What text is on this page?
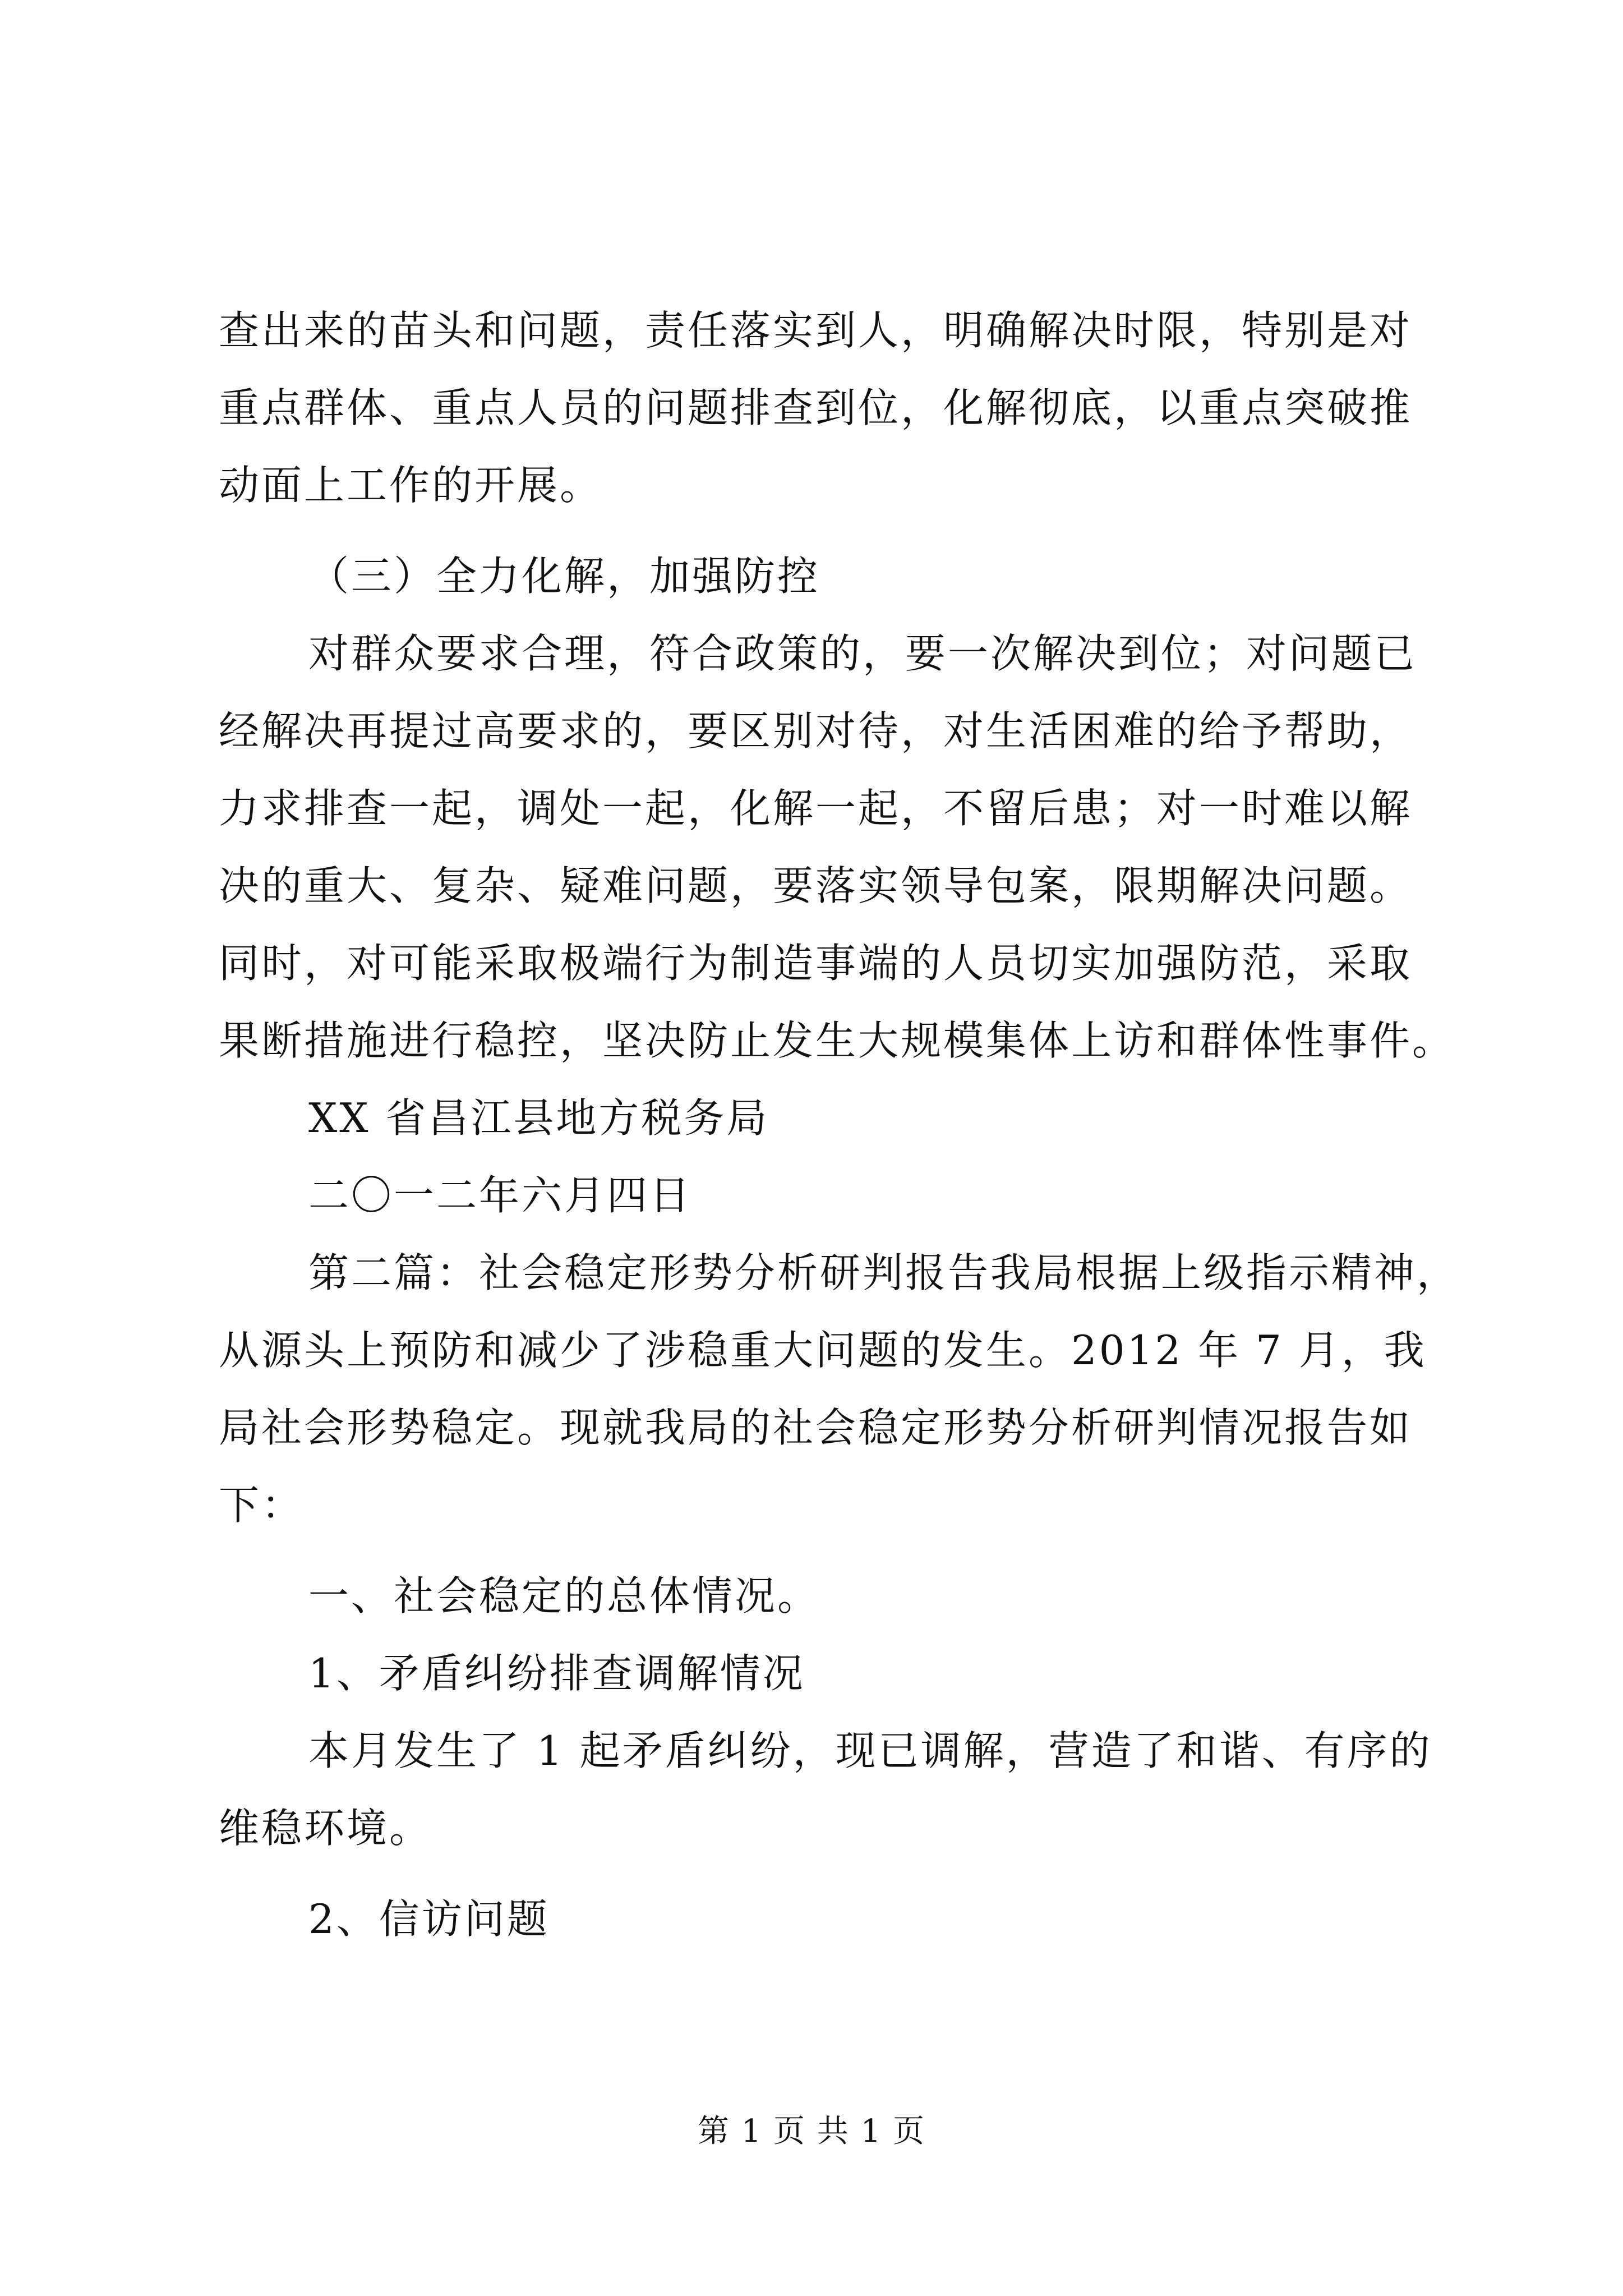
查出来的苗头和问题，责任落实到人，明确解决时限，特别是对
重点群体、重点人员的问题排查到位，化解彻底，以重点突破推
动面上工作的开展。
（三）全力化解，加强防控
对群众要求合理，符合政策的，要一次解决到位；对问题已
经解决再提过高要求的，要区别对待，对生活困难的给予帮助，
力求排查一起，调处一起，化解一起，不留后患；对一时难以解
决的重大、复杂、疑难问题，要落实领导包案，限期解决问题。
同时，对可能采取极端行为制造事端的人员切实加强防范，采取
果断措施进行稳控，坚决防止发生大规模集体上访和群体性事件。
XX 省昌江县地方税务局
二〇一二年六月四日
第二篇：社会稳定形势分析研判报告我局根据上级指示精神，
从源头上预防和减少了涉稳重大问题的发生。2012 年 7 月，我
局社会形势稳定。现就我局的社会稳定形势分析研判情况报告如
下：
一、社会稳定的总体情况。
1、矛盾纠纷排查调解情况
本月发生了 1 起矛盾纠纷，现已调解，营造了和谐、有序的
维稳环境。
2、信访问题
第 1 页 共 1 页
